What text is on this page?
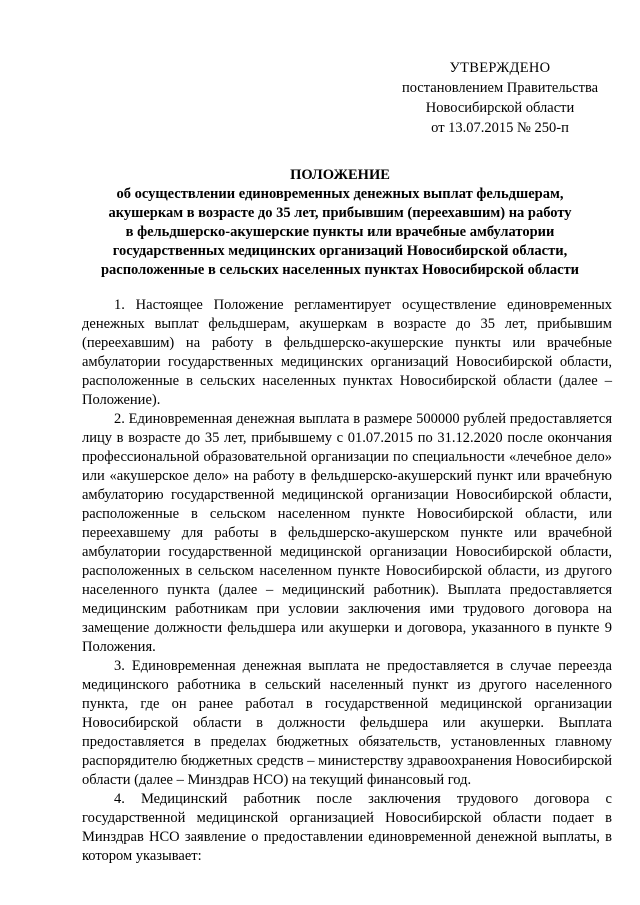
УТВЕРЖДЕНО
постановлением Правительства
Новосибирской области
от 13.07.2015 № 250-п
ПОЛОЖЕНИЕ
об осуществлении единовременных денежных выплат фельдшерам,
акушеркам в возрасте до 35 лет, прибывшим (переехавшим) на работу
в фельдшерско-акушерские пункты или врачебные амбулатории
государственных медицинских организаций Новосибирской области,
расположенные в сельских населенных пунктах Новосибирской области

1. Настоящее Положение регламентирует осуществление единовременных денежных выплат фельдшерам, акушеркам в возрасте до 35 лет, прибывшим (переехавшим) на работу в фельдшерско-акушерские пункты или врачебные амбулатории государственных медицинских организаций Новосибирской области, расположенные в сельских населенных пунктах Новосибирской области (далее – Положение).

2. Единовременная денежная выплата в размере 500000 рублей предоставляется лицу в возрасте до 35 лет, прибывшему с 01.07.2015 по 31.12.2020 после окончания профессиональной образовательной организации по специальности «лечебное дело» или «акушерское дело» на работу в фельдшерско-акушерский пункт или врачебную амбулаторию государственной медицинской организации Новосибирской области, расположенные в сельском населенном пункте Новосибирской области, или переехавшему для работы в фельдшерско-акушерском пункте или врачебной амбулатории государственной медицинской организации Новосибирской области, расположенных в сельском населенном пункте Новосибирской области, из другого населенного пункта (далее – медицинский работник). Выплата предоставляется медицинским работникам при условии заключения ими трудового договора на замещение должности фельдшера или акушерки и договора, указанного в пункте 9 Положения.

3. Единовременная денежная выплата не предоставляется в случае переезда медицинского работника в сельский населенный пункт из другого населенного пункта, где он ранее работал в государственной медицинской организации Новосибирской области в должности фельдшера или акушерки. Выплата предоставляется в пределах бюджетных обязательств, установленных главному распорядителю бюджетных средств – министерству здравоохранения Новосибирской области (далее – Минздрав НСО) на текущий финансовый год.

4. Медицинский работник после заключения трудового договора с государственной медицинской организацией Новосибирской области подает в Минздрав НСО заявление о предоставлении единовременной денежной выплаты, в котором указывает:
